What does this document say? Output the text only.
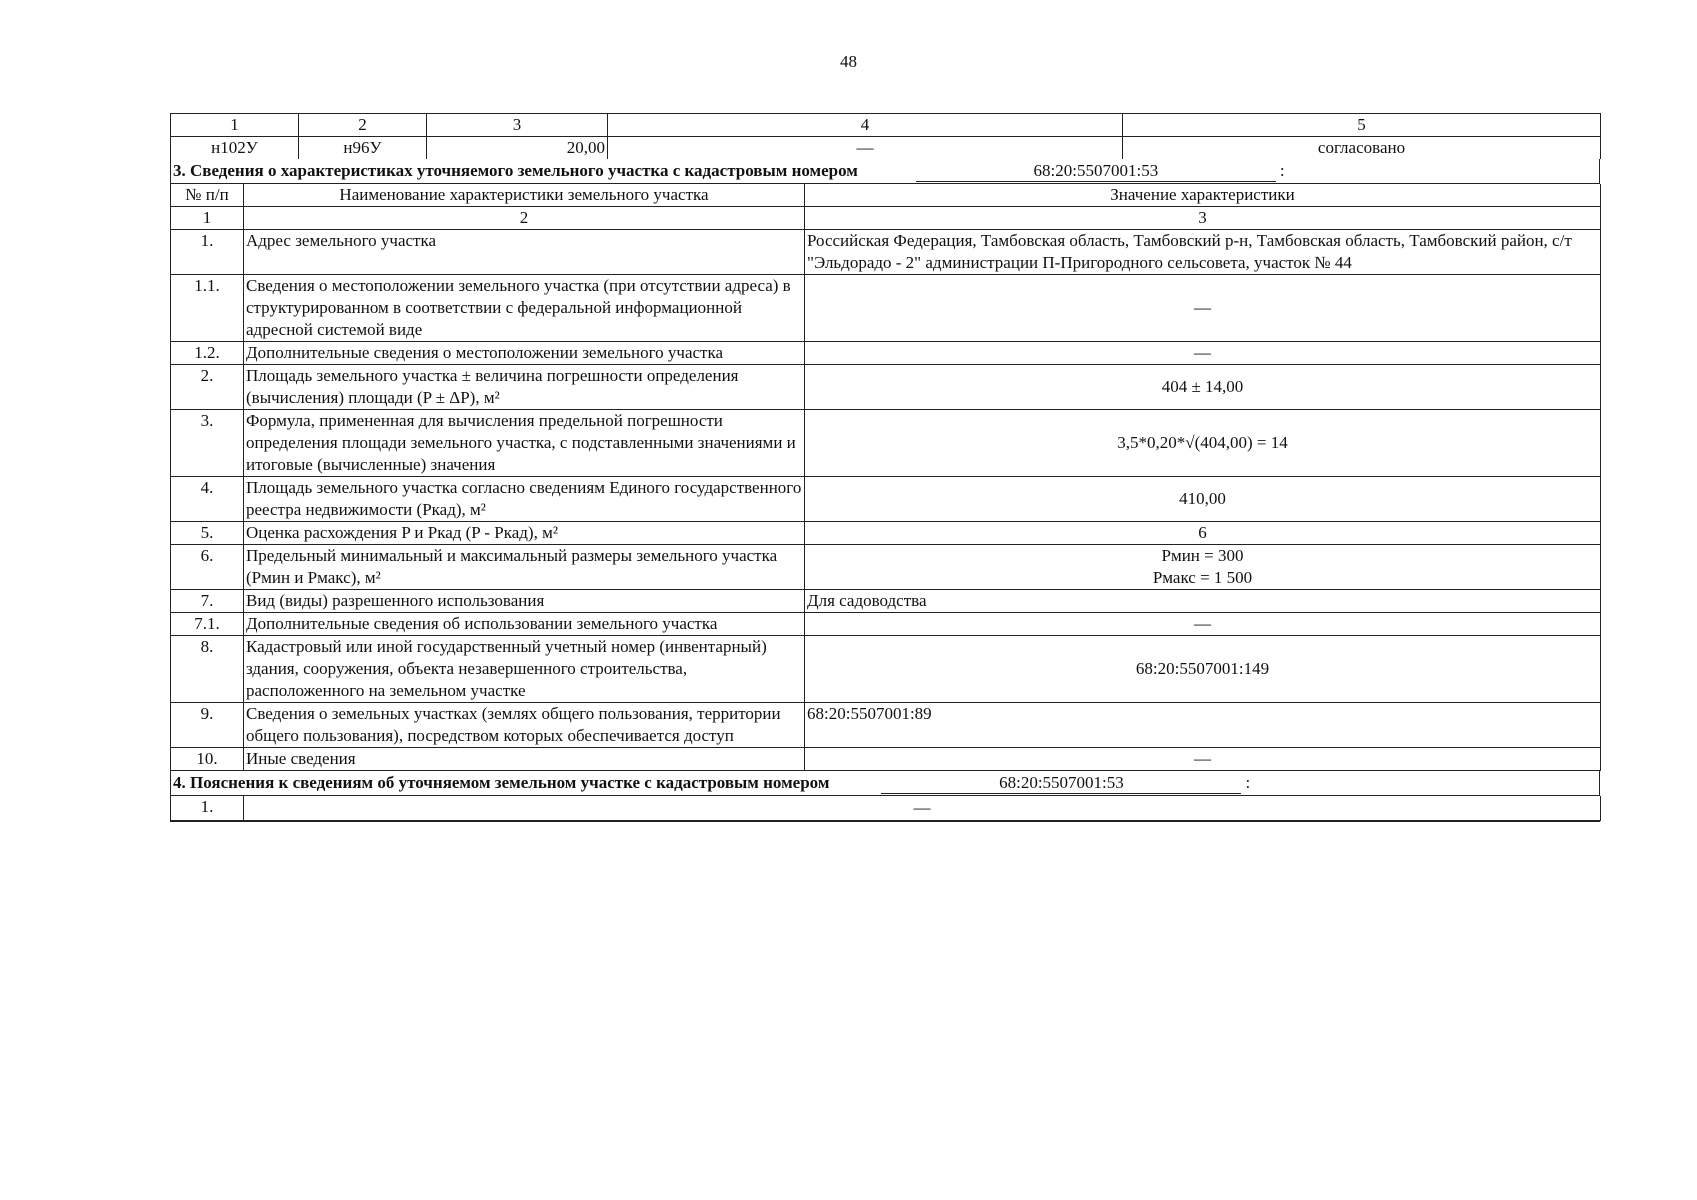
48
1	2	3	4	5
н102У	н96У	20,00	—	согласовано
3. Сведения о характеристиках уточняемого земельного участка с кадастровым номером	68:20:5507001:53	:
№ п/п	Наименование характеристики земельного участка	Значение характеристики
1	2	3
1.	Адрес земельного участка	Российская Федерация, Тамбовская область, Тамбовский р-н, Тамбовская область, Тамбовский район, с/т "Эльдорадо - 2" администрации П-Пригородного сельсовета, участок № 44
1.1.	Сведения о местоположении земельного участка (при отсутствии адреса) в структурированном в соответствии с федеральной информационной адресной системой виде	—
1.2.	Дополнительные сведения о местоположении земельного участка	—
2.	Площадь земельного участка ± величина погрешности определения (вычисления) площади (P ± ΔP), м²	404 ± 14,00
3.	Формула, примененная для вычисления предельной погрешности определения площади земельного участка, с подставленными значениями и итоговые (вычисленные) значения	3,5*0,20*√(404,00) = 14
4.	Площадь земельного участка согласно сведениям Единого государственного реестра недвижимости (Ркад), м²	410,00
5.	Оценка расхождения P и Ркад (P - Ркад), м²	6
6.	Предельный минимальный и максимальный размеры земельного участка (Рмин и Рмакс), м²	Рмин = 300
Рмакс = 1 500

7.	Вид (виды) разрешенного использования	Для садоводства
7.1.	Дополнительные сведения об использовании земельного участка	—
8.	Кадастровый или иной государственный учетный номер (инвентарный) здания, сооружения, объекта незавершенного строительства, расположенного на земельном участке	68:20:5507001:149
9.	Сведения о земельных участках (землях общего пользования, территории общего пользования), посредством которых обеспечивается доступ	68:20:5507001:89
10.	Иные сведения	—
4. Пояснения к сведениям об уточняемом земельном участке с кадастровым номером	68:20:5507001:53	:
1.	—
